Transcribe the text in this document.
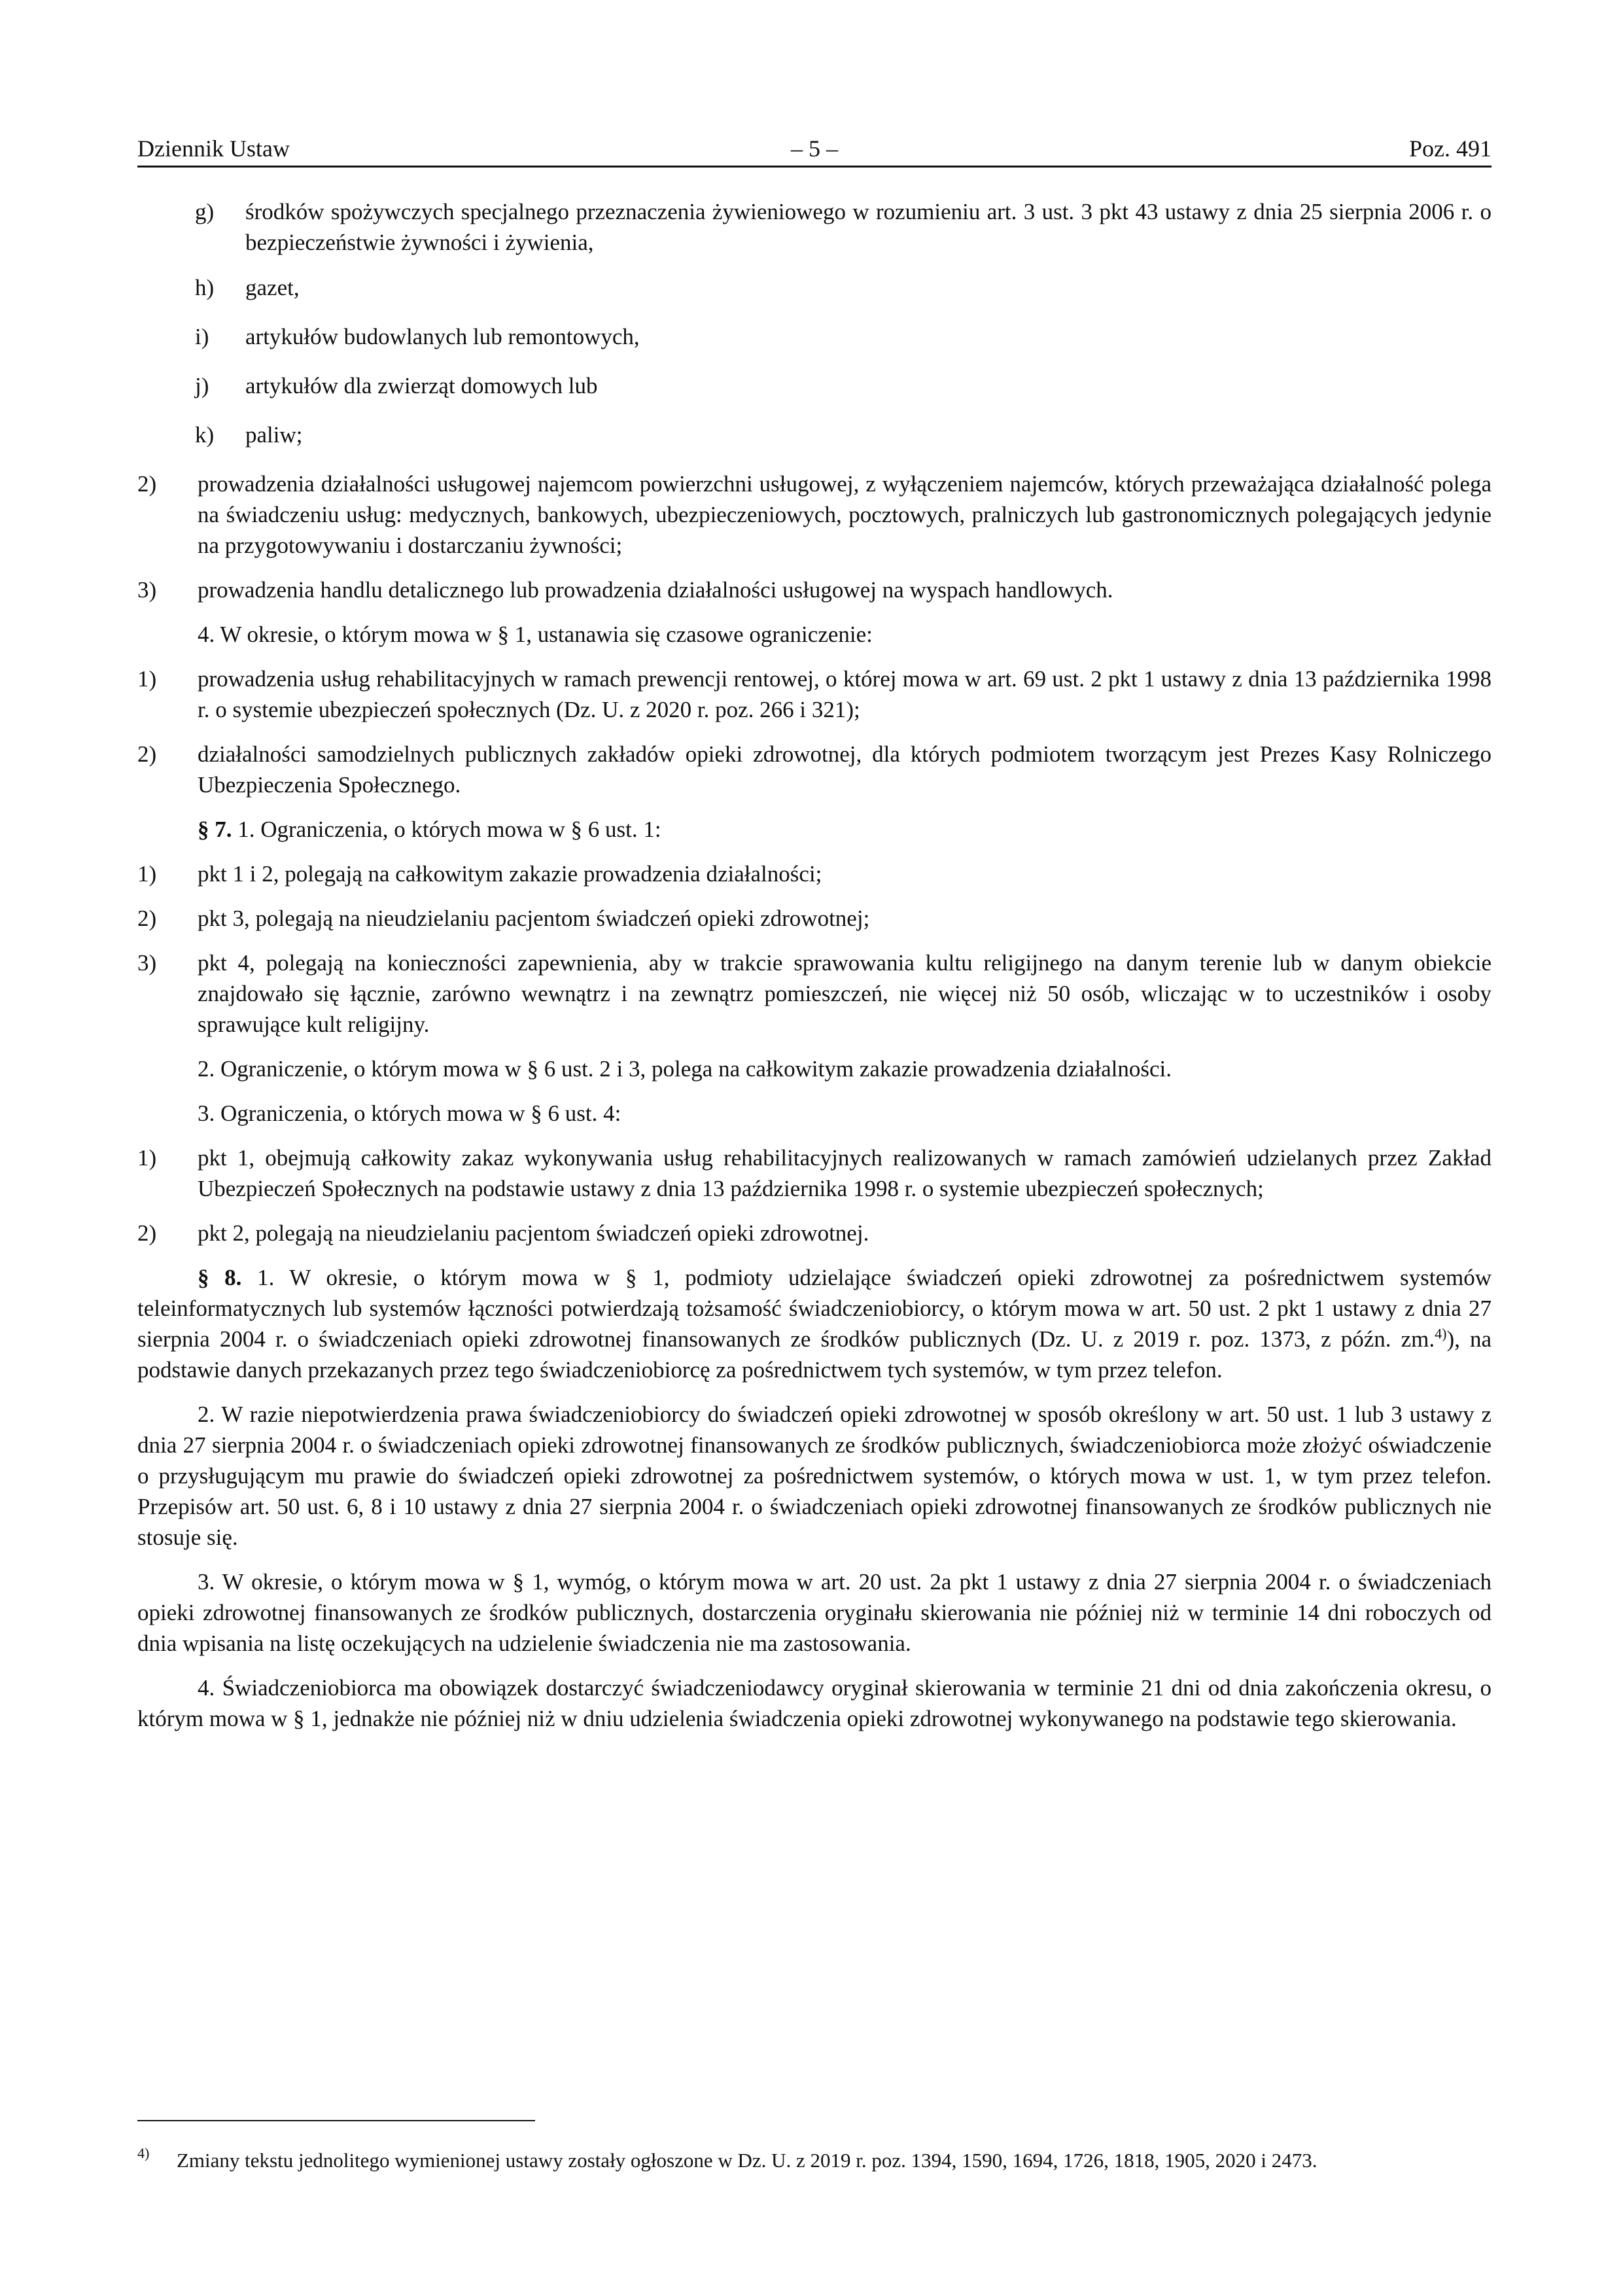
Dziennik Ustaw	– 5 –	Poz. 491
g) środków spożywczych specjalnego przeznaczenia żywieniowego w rozumieniu art. 3 ust. 3 pkt 43 ustawy z dnia 25 sierpnia 2006 r. o bezpieczeństwie żywności i żywienia,
h) gazet,
i) artykułów budowlanych lub remontowych,
j) artykułów dla zwierząt domowych lub
k) paliw;
2) prowadzenia działalności usługowej najemcom powierzchni usługowej, z wyłączeniem najemców, których przeważająca działalność polega na świadczeniu usług: medycznych, bankowych, ubezpieczeniowych, pocztowych, pralniczych lub gastronomicznych polegających jedynie na przygotowywaniu i dostarczaniu żywności;
3) prowadzenia handlu detalicznego lub prowadzenia działalności usługowej na wyspach handlowych.
4. W okresie, o którym mowa w § 1, ustanawia się czasowe ograniczenie:
1) prowadzenia usług rehabilitacyjnych w ramach prewencji rentowej, o której mowa w art. 69 ust. 2 pkt 1 ustawy z dnia 13 października 1998 r. o systemie ubezpieczeń społecznych (Dz. U. z 2020 r. poz. 266 i 321);
2) działalności samodzielnych publicznych zakładów opieki zdrowotnej, dla których podmiotem tworzącym jest Prezes Kasy Rolniczego Ubezpieczenia Społecznego.
§ 7. 1. Ograniczenia, o których mowa w § 6 ust. 1:
1) pkt 1 i 2, polegają na całkowitym zakazie prowadzenia działalności;
2) pkt 3, polegają na nieudzielaniu pacjentom świadczeń opieki zdrowotnej;
3) pkt 4, polegają na konieczności zapewnienia, aby w trakcie sprawowania kultu religijnego na danym terenie lub w danym obiekcie znajdowało się łącznie, zarówno wewnątrz i na zewnątrz pomieszczeń, nie więcej niż 50 osób, wliczając w to uczestników i osoby sprawujące kult religijny.
2. Ograniczenie, o którym mowa w § 6 ust. 2 i 3, polega na całkowitym zakazie prowadzenia działalności.
3. Ograniczenia, o których mowa w § 6 ust. 4:
1) pkt 1, obejmują całkowity zakaz wykonywania usług rehabilitacyjnych realizowanych w ramach zamówień udzielanych przez Zakład Ubezpieczeń Społecznych na podstawie ustawy z dnia 13 października 1998 r. o systemie ubezpieczeń społecznych;
2) pkt 2, polegają na nieudzielaniu pacjentom świadczeń opieki zdrowotnej.
§ 8. 1. W okresie, o którym mowa w § 1, podmioty udzielające świadczeń opieki zdrowotnej za pośrednictwem systemów teleinformatycznych lub systemów łączności potwierdzają tożsamość świadczeniobiorcy, o którym mowa w art. 50 ust. 2 pkt 1 ustawy z dnia 27 sierpnia 2004 r. o świadczeniach opieki zdrowotnej finansowanych ze środków publicznych (Dz. U. z 2019 r. poz. 1373, z późn. zm.$^{4)}$), na podstawie danych przekazanych przez tego świadczeniobiorcę za pośrednictwem tych systemów, w tym przez telefon.
2. W razie niepotwierdzenia prawa świadczeniobiorcy do świadczeń opieki zdrowotnej w sposób określony w art. 50 ust. 1 lub 3 ustawy z dnia 27 sierpnia 2004 r. o świadczeniach opieki zdrowotnej finansowanych ze środków publicznych, świadczeniobiorca może złożyć oświadczenie o przysługującym mu prawie do świadczeń opieki zdrowotnej za pośrednictwem systemów, o których mowa w ust. 1, w tym przez telefon. Przepisów art. 50 ust. 6, 8 i 10 ustawy z dnia 27 sierpnia 2004 r. o świadczeniach opieki zdrowotnej finansowanych ze środków publicznych nie stosuje się.
3. W okresie, o którym mowa w § 1, wymóg, o którym mowa w art. 20 ust. 2a pkt 1 ustawy z dnia 27 sierpnia 2004 r. o świadczeniach opieki zdrowotnej finansowanych ze środków publicznych, dostarczenia oryginału skierowania nie później niż w terminie 14 dni roboczych od dnia wpisania na listę oczekujących na udzielenie świadczenia nie ma zastosowania.
4. Świadczeniobiorca ma obowiązek dostarczyć świadczeniodawcy oryginał skierowania w terminie 21 dni od dnia zakończenia okresu, o którym mowa w § 1, jednakże nie później niż w dniu udzielenia świadczenia opieki zdrowotnej wykonywanego na podstawie tego skierowania.
4)	Zmiany tekstu jednolitego wymienionej ustawy zostały ogłoszone w Dz. U. z 2019 r. poz. 1394, 1590, 1694, 1726, 1818, 1905, 2020 i 2473.
